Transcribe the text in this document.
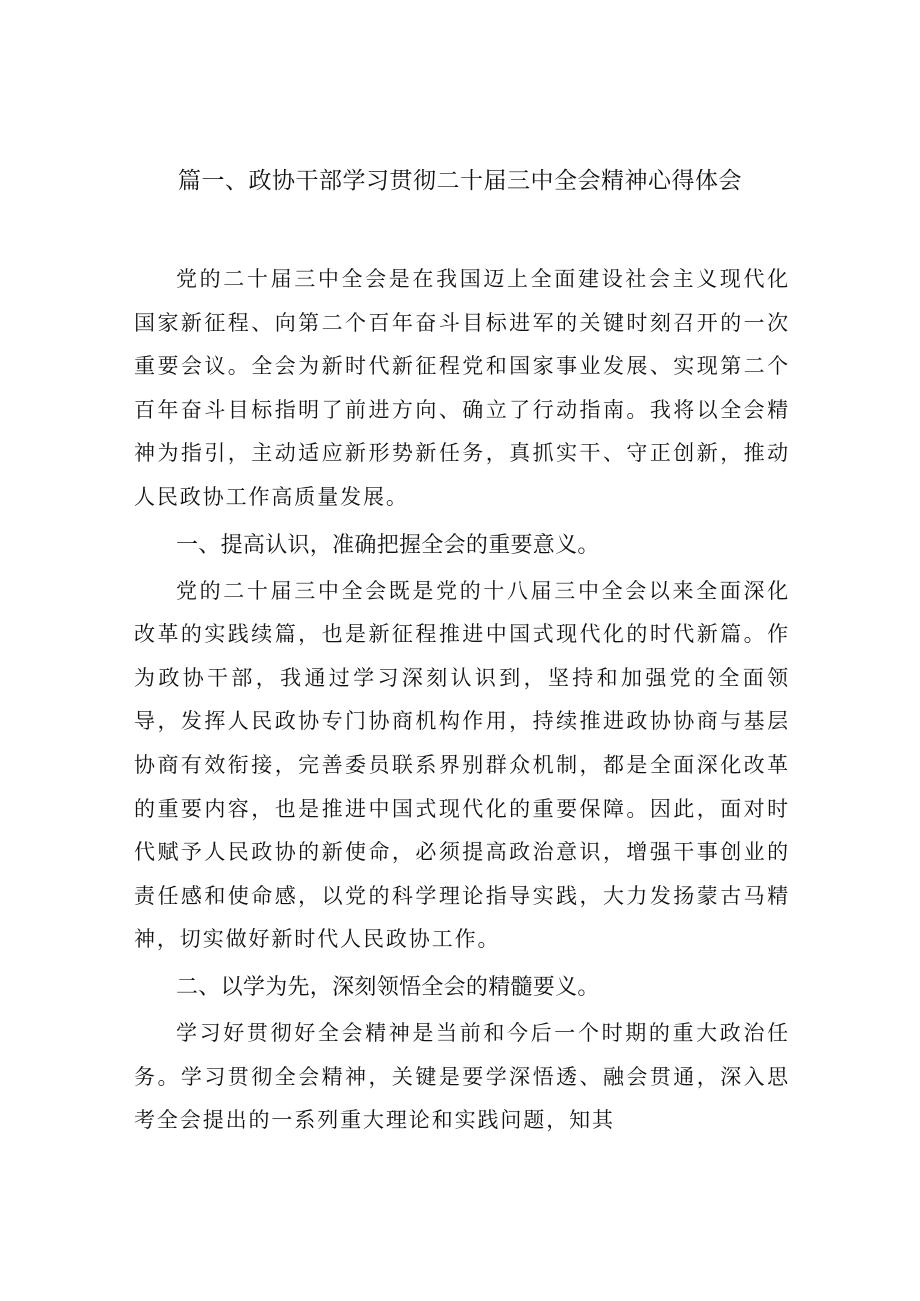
篇一、政协干部学习贯彻二十届三中全会精神心得体会

党的二十届三中全会是在我国迈上全面建设社会主义现代化国家新征程、向第二个百年奋斗目标进军的关键时刻召开的一次重要会议。全会为新时代新征程党和国家事业发展、实现第二个百年奋斗目标指明了前进方向、确立了行动指南。我将以全会精神为指引，主动适应新形势新任务，真抓实干、守正创新，推动人民政协工作高质量发展。

一、提高认识，准确把握全会的重要意义。

党的二十届三中全会既是党的十八届三中全会以来全面深化改革的实践续篇，也是新征程推进中国式现代化的时代新篇。作为政协干部，我通过学习深刻认识到，坚持和加强党的全面领导，发挥人民政协专门协商机构作用，持续推进政协协商与基层协商有效衔接，完善委员联系界别群众机制，都是全面深化改革的重要内容，也是推进中国式现代化的重要保障。因此，面对时代赋予人民政协的新使命，必须提高政治意识，增强干事创业的责任感和使命感，以党的科学理论指导实践，大力发扬蒙古马精神，切实做好新时代人民政协工作。

二、以学为先，深刻领悟全会的精髓要义。

学习好贯彻好全会精神是当前和今后一个时期的重大政治任务。学习贯彻全会精神，关键是要学深悟透、融会贯通，深入思考全会提出的一系列重大理论和实践问题，知其
